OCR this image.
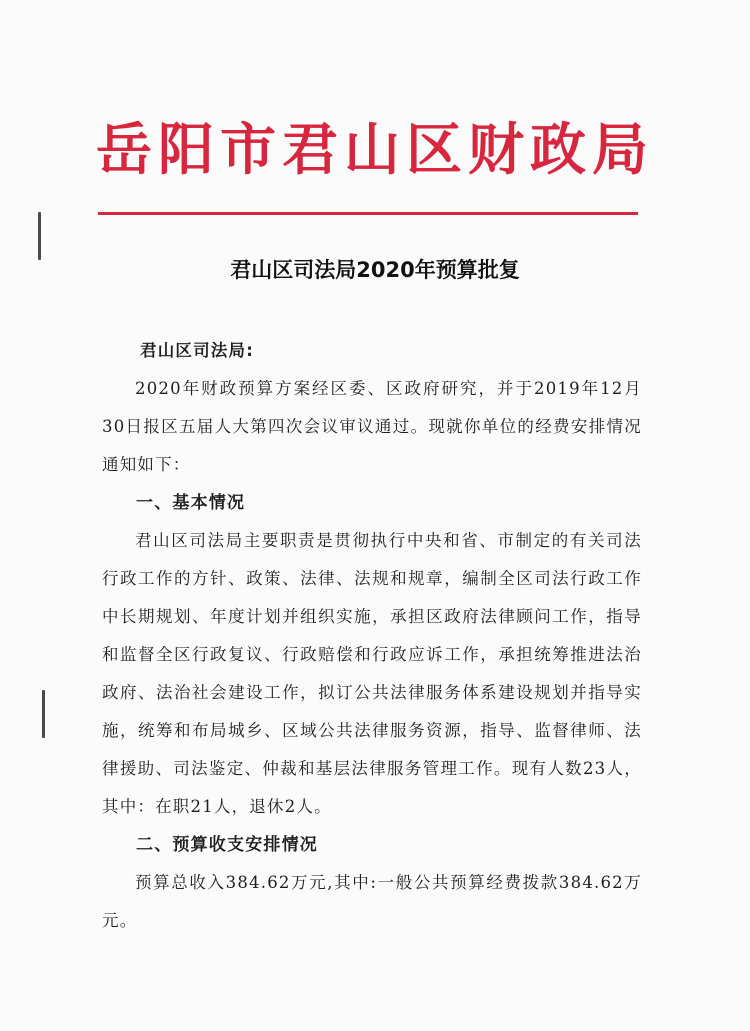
岳阳市君山区财政局
君山区司法局2020年预算批复
君山区司法局:

2020年财政预算方案经区委、区政府研究，并于2019年12月30日报区五届人大第四次会议审议通过。现就你单位的经费安排情况通知如下：

一、基本情况

君山区司法局主要职责是贯彻执行中央和省、市制定的有关司法行政工作的方针、政策、法律、法规和规章，编制全区司法行政工作中长期规划、年度计划并组织实施，承担区政府法律顾问工作，指导和监督全区行政复议、行政赔偿和行政应诉工作，承担统筹推进法治政府、法治社会建设工作，拟订公共法律服务体系建设规划并指导实施，统筹和布局城乡、区域公共法律服务资源，指导、监督律师、法律援助、司法鉴定、仲裁和基层法律服务管理工作。现有人数23人，其中：在职21人，退休2人。

二、预算收支安排情况

预算总收入384.62万元,其中:一般公共预算经费拨款384.62万元。
